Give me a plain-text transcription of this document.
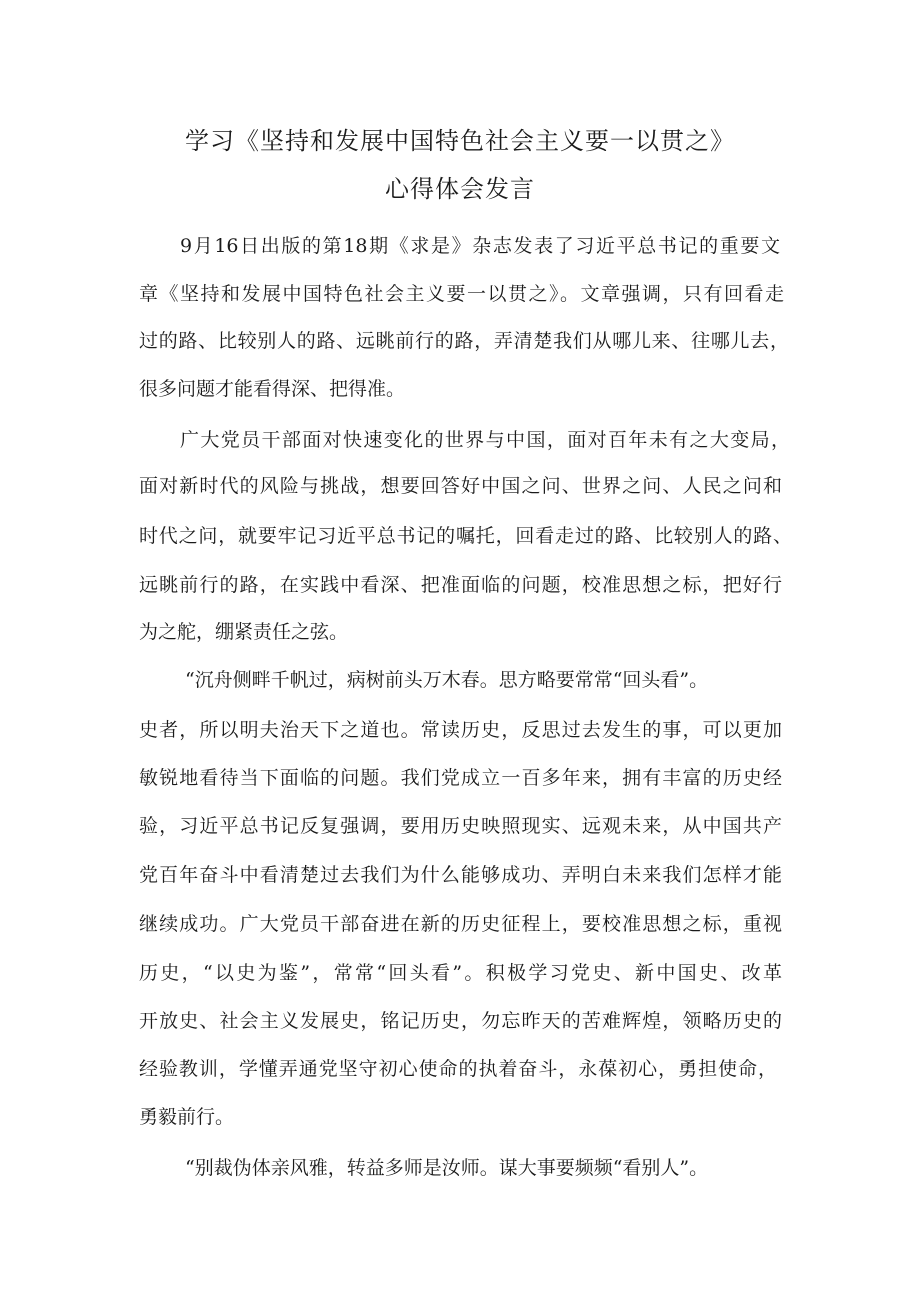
学习《坚持和发展中国特色社会主义要一以贯之》
心得体会发言
9月16日出版的第18期《求是》杂志发表了习近平总书记的重要文
章《坚持和发展中国特色社会主义要一以贯之》。文章强调，只有回看走
过的路、比较别人的路、远眺前行的路，弄清楚我们从哪儿来、往哪儿去，
很多问题才能看得深、把得准。
广大党员干部面对快速变化的世界与中国，面对百年未有之大变局，
面对新时代的风险与挑战，想要回答好中国之问、世界之问、人民之问和
时代之问，就要牢记习近平总书记的嘱托，回看走过的路、比较别人的路、
远眺前行的路，在实践中看深、把准面临的问题，校准思想之标，把好行
为之舵，绷紧责任之弦。
“沉舟侧畔千帆过，病树前头万木春。思方略要常常“回头看”。
史者，所以明夫治天下之道也。常读历史，反思过去发生的事，可以更加
敏锐地看待当下面临的问题。我们党成立一百多年来，拥有丰富的历史经
验，习近平总书记反复强调，要用历史映照现实、远观未来，从中国共产
党百年奋斗中看清楚过去我们为什么能够成功、弄明白未来我们怎样才能
继续成功。广大党员干部奋进在新的历史征程上，要校准思想之标，重视
历史，“以史为鉴”，常常“回头看”。积极学习党史、新中国史、改革
开放史、社会主义发展史，铭记历史，勿忘昨天的苦难辉煌，领略历史的
经验教训，学懂弄通党坚守初心使命的执着奋斗，永葆初心，勇担使命，
勇毅前行。
“别裁伪体亲风雅，转益多师是汝师。谋大事要频频“看别人”。
